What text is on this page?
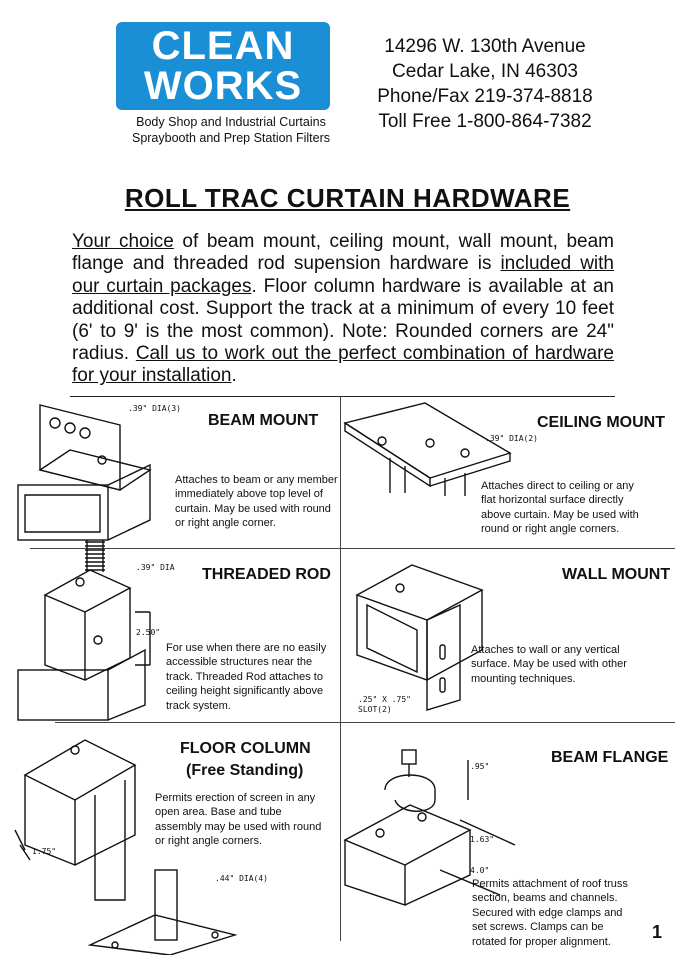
CLEAN
WORKS
Body Shop and Industrial Curtains
Spraybooth and Prep Station Filters
14296 W. 130th Avenue
Cedar Lake, IN 46303
Phone/Fax 219-374-8818
Toll Free 1-800-864-7382
ROLL TRAC CURTAIN HARDWARE
Your choice of beam mount, ceiling mount, wall mount, beam flange and threaded rod supension hardware is included with our curtain packages. Floor column hardware is available at an additional cost. Support the track at a minimum of every 10 feet (6' to 9' is the most common). Note: Rounded corners are 24" radius. Call us to work out the perfect combination of hardware for your installation.
.39" DIA(3)
BEAM MOUNT
Attaches to beam or any member immediately above top level of curtain. May be used with round or right angle corner.
.39" DIA(2)
CEILING MOUNT
Attaches direct to ceiling or any flat horizontal surface directly above curtain. May be used with round or right angle corners.
.39" DIA
2.50"
THREADED ROD
For use when there are no easily accessible structures near the track. Threaded Rod attaches to ceiling height significantly above track system.
.25" X .75"
SLOT(2)
WALL MOUNT
Attaches to wall or any vertical surface. May be used with other mounting techniques.
1.75"
.44" DIA(4)
FLOOR COLUMN
(Free Standing)
Permits erection of screen in any open area. Base and tube assembly may be used with round or right angle corners.
.95"
1.63"
4.0"
BEAM FLANGE
Permits attachment of roof truss section, beams and channels. Secured with edge clamps and set screws. Clamps can be rotated for proper alignment.	1
